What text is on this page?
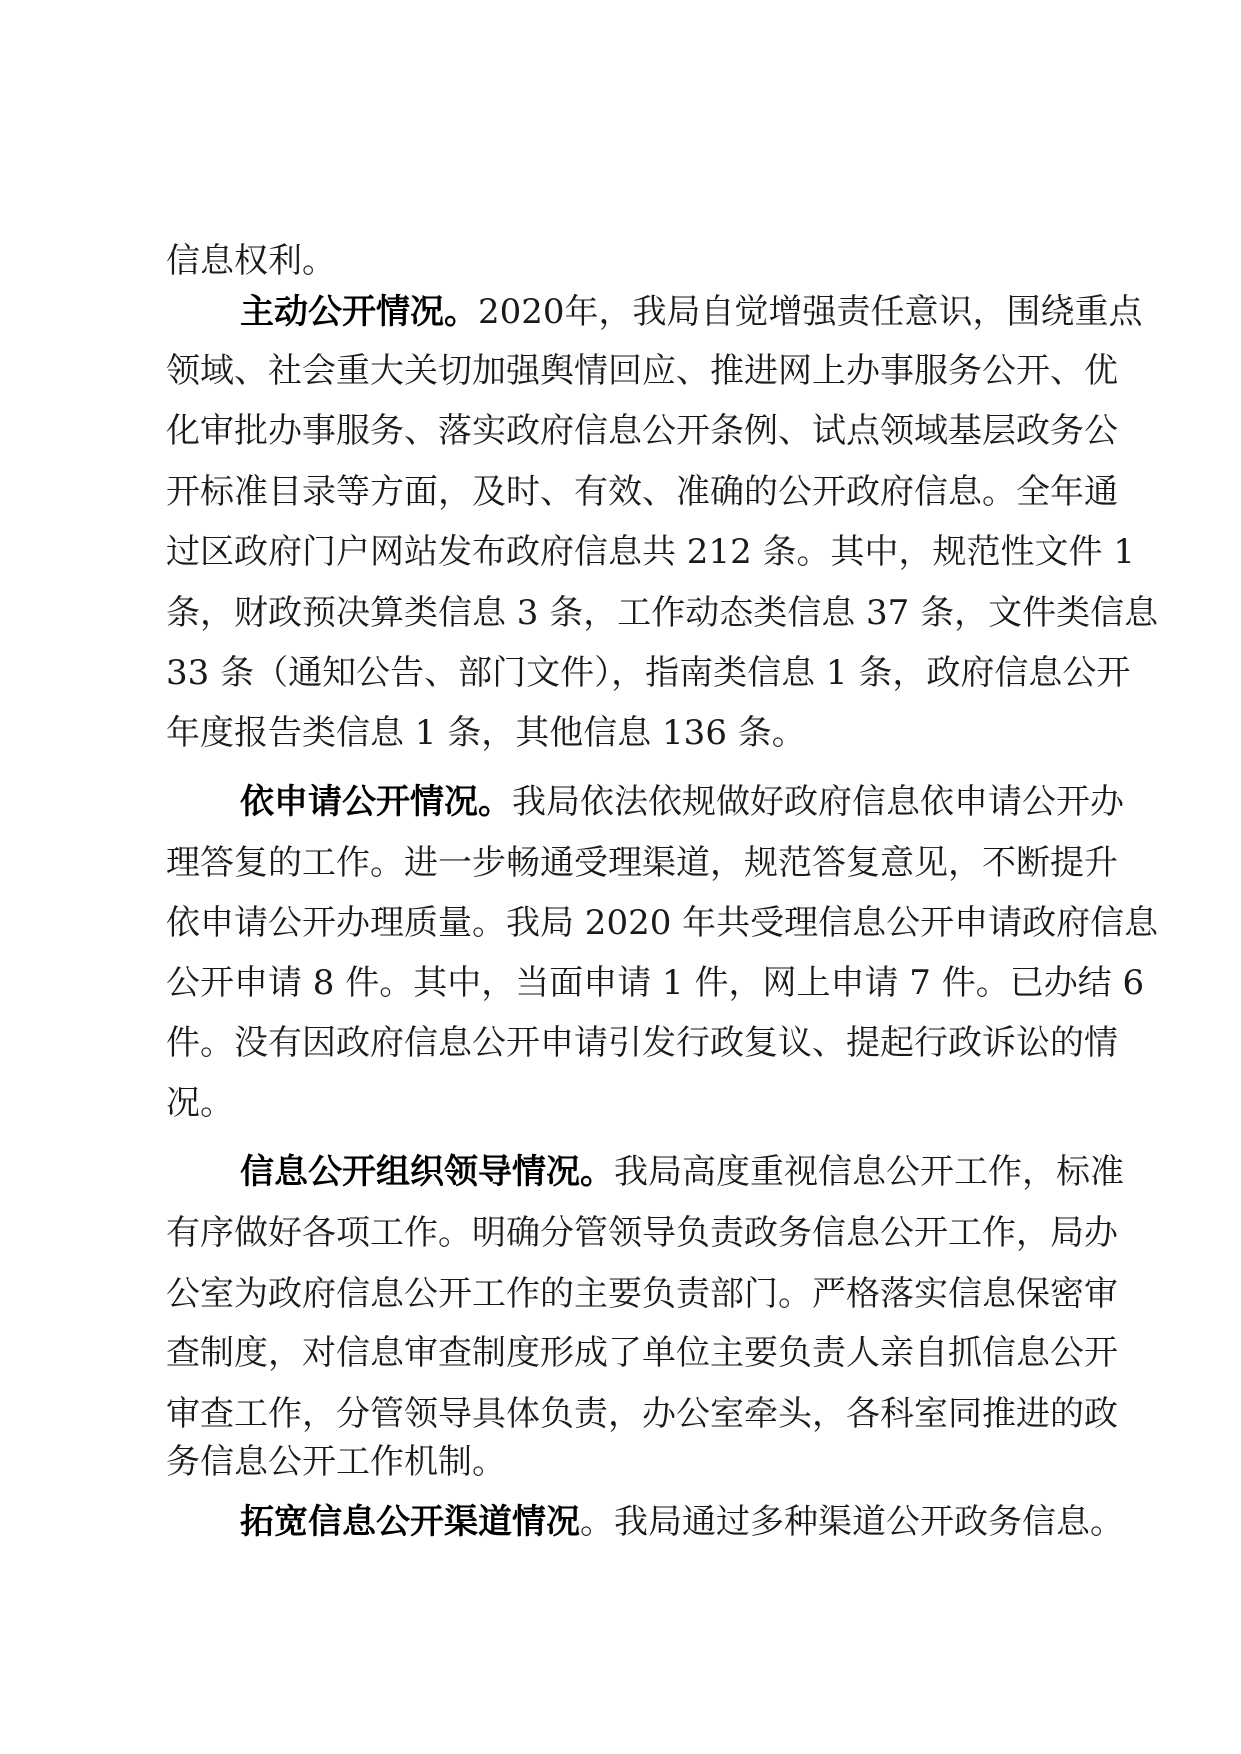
信息权利。
主动公开情况。2020年，我局自觉增强责任意识，围绕重点
领域、社会重大关切加强舆情回应、推进网上办事服务公开、优
化审批办事服务、落实政府信息公开条例、试点领域基层政务公
开标准目录等方面，及时、有效、准确的公开政府信息。全年通
过区政府门户网站发布政府信息共 212 条。其中，规范性文件 1
条，财政预决算类信息 3 条，工作动态类信息 37 条，文件类信息
33 条（通知公告、部门文件），指南类信息 1 条，政府信息公开
年度报告类信息 1 条，其他信息 136 条。
依申请公开情况。我局依法依规做好政府信息依申请公开办
理答复的工作。进一步畅通受理渠道，规范答复意见，不断提升
依申请公开办理质量。我局 2020 年共受理信息公开申请政府信息
公开申请 8 件。其中，当面申请 1 件，网上申请 7 件。已办结 6
件。没有因政府信息公开申请引发行政复议、提起行政诉讼的情
况。
信息公开组织领导情况。我局高度重视信息公开工作，标准
有序做好各项工作。明确分管领导负责政务信息公开工作，局办
公室为政府信息公开工作的主要负责部门。严格落实信息保密审
查制度，对信息审查制度形成了单位主要负责人亲自抓信息公开
审查工作，分管领导具体负责，办公室牵头，各科室同推进的政
务信息公开工作机制。
拓宽信息公开渠道情况。我局通过多种渠道公开政务信息。
